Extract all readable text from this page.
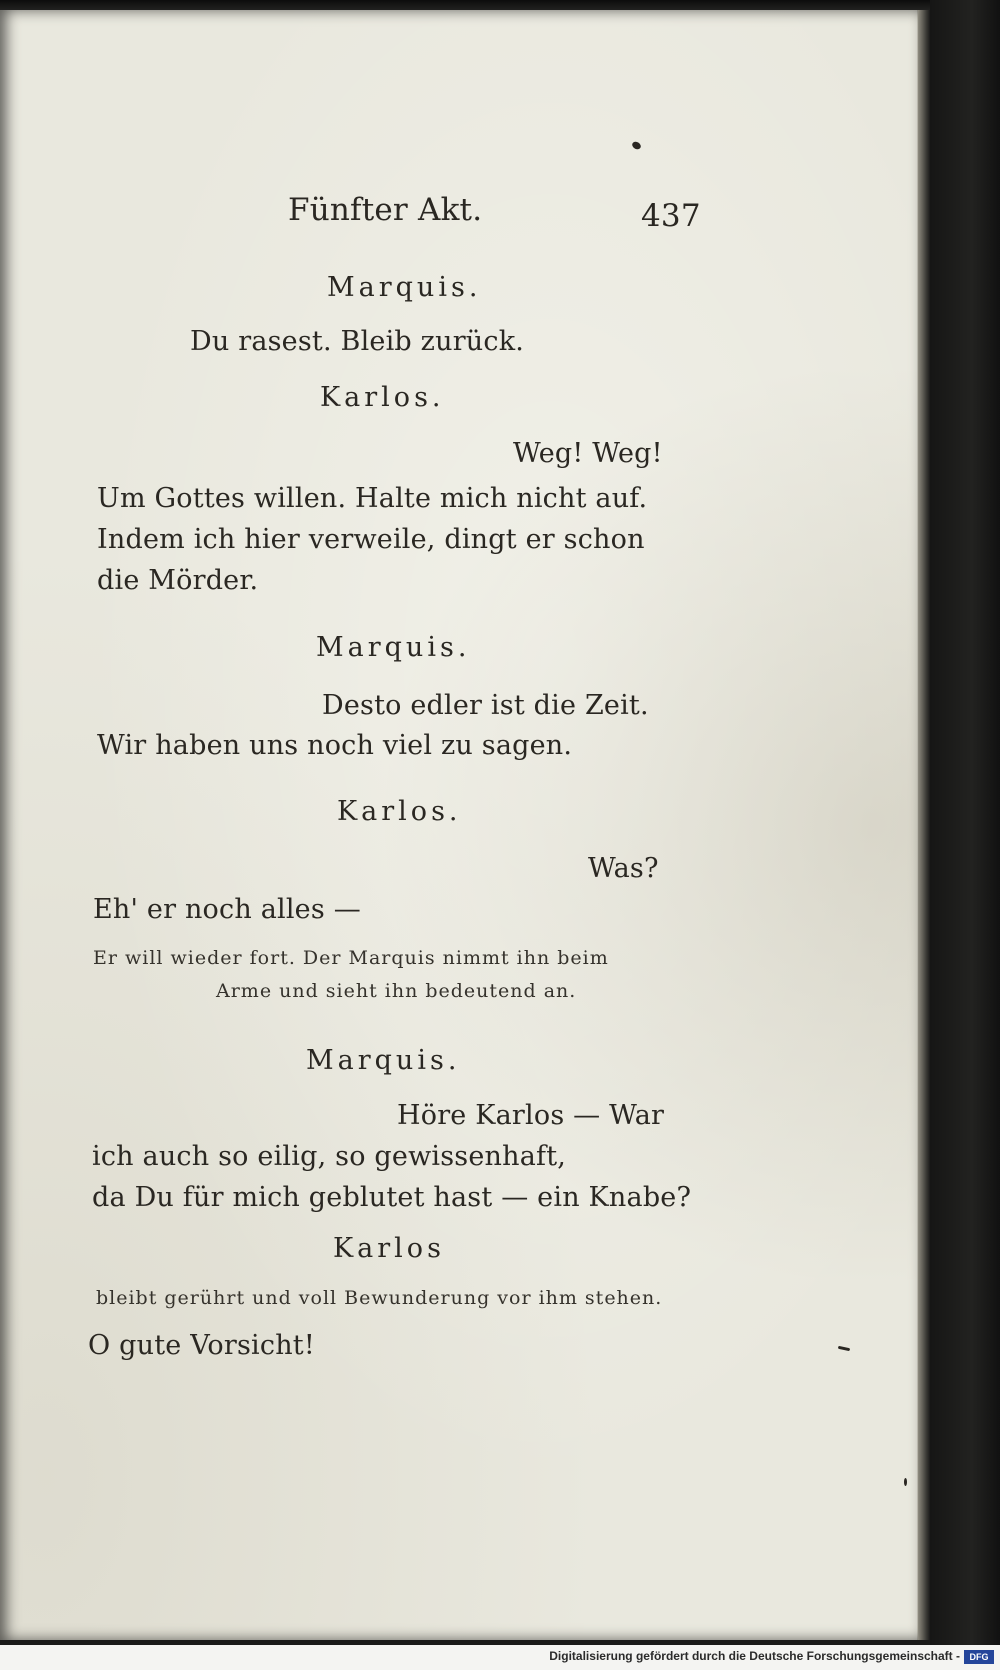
Fünfter Akt.	437
Marquis.
Du rasest. Bleib zurück.
Karlos.
Weg! Weg!
Um Gottes willen. Halte mich nicht auf.
Indem ich hier verweile, dingt er schon
die Mörder.
Marquis.
Desto edler ist die Zeit.
Wir haben uns noch viel zu sagen.
Karlos.
Was?
Eh' er noch alles —
Er will wieder fort. Der Marquis nimmt ihn beim
Arme und sieht ihn bedeutend an.
Marquis.
Höre Karlos — War
ich auch so eilig, so gewissenhaft,
da Du für mich geblutet hast — ein Knabe?
Karlos
bleibt gerührt und voll Bewunderung vor ihm stehen.
O gute Vorsicht!
Digitalisierung gefördert durch die Deutsche Forschungsgemeinschaft -	DFG
